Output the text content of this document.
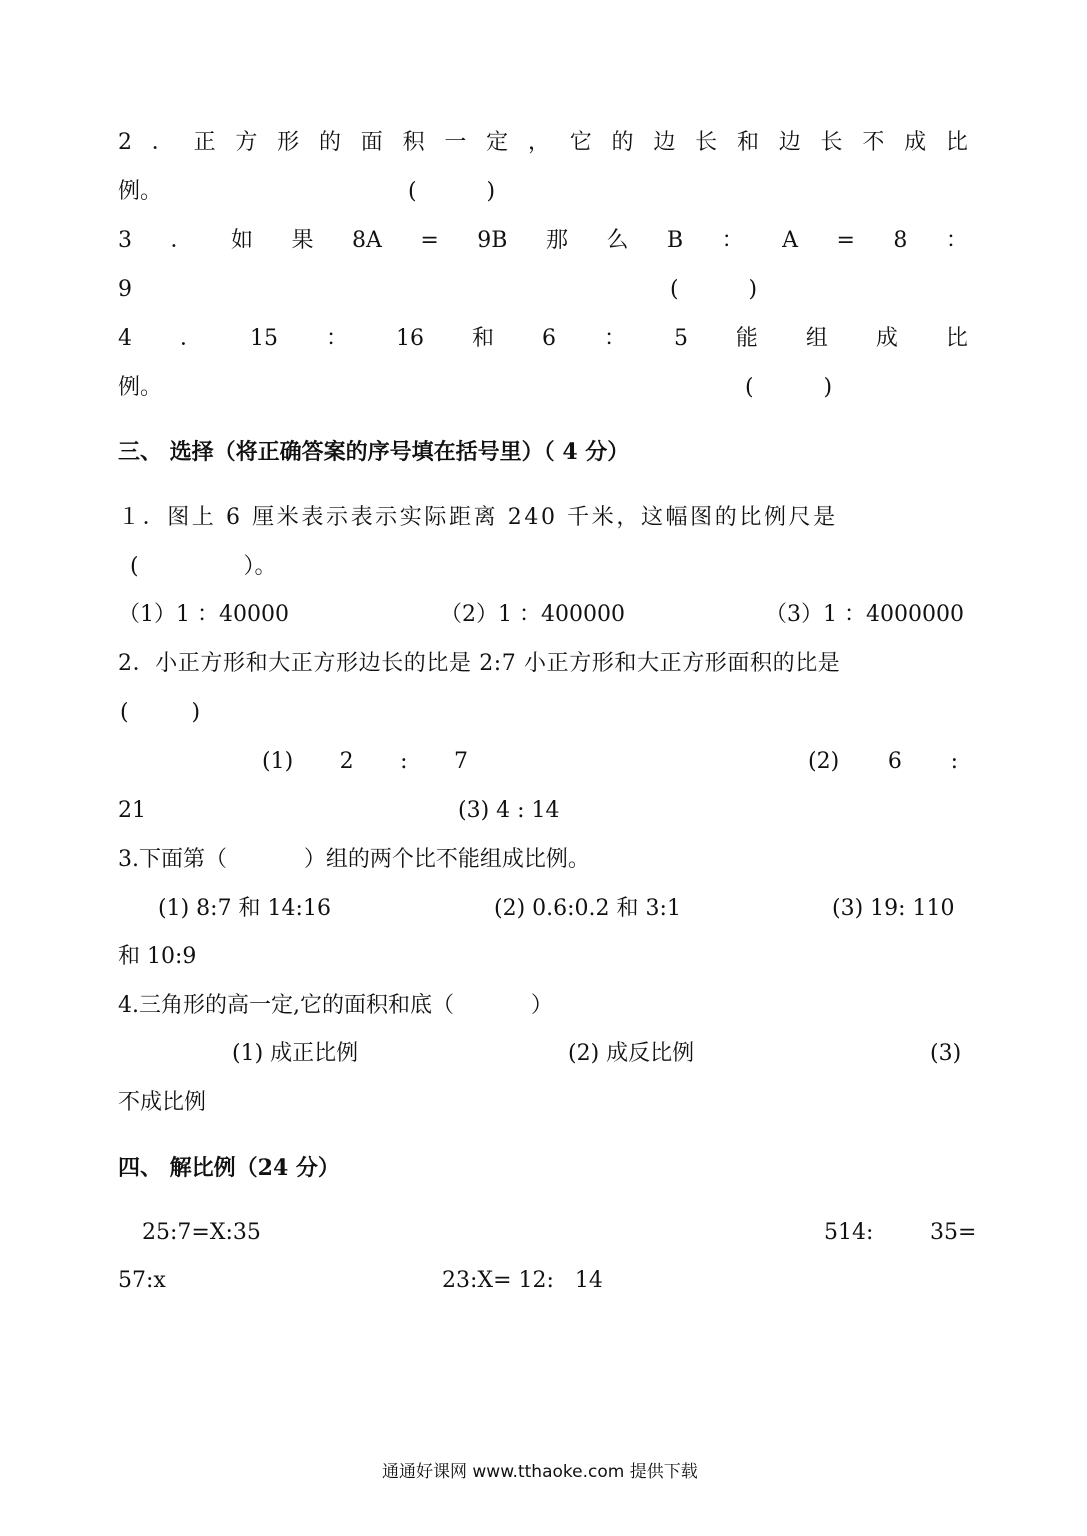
2 ． 正 方 形 的 面 积 一 定 ， 它 的 边 长 和 边 长 不 成 比
例。	(          )
3 ． 如 果 8A = 9B 那 么 B ： A = 8 ：
9	(          )
4 ． 15 ： 16 和 6 ： 5 能 组 成 比
例。	(          )
三、 选择（将正确答案的序号填在括号里）（ 4 分）
１．图上 6 厘米表示表示实际距离 240 千米，这幅图的比例尺是
(               ）。
（1）1 ：40000	（2）1 ：400000	（3）1 ：4000000
2．小正方形和大正方形边长的比是 2:7 小正方形和大正方形面积的比是
(         )
(1) 2 : 7	(2) 6 :
21	(3) 4 : 14
3.下面第（           ）组的两个比不能组成比例。
(1) 8:7 和 14:16	(2) 0.6:0.2 和 3:1	(3) 19: 110
和 10:9
4.三角形的高一定,它的面积和底（           ）
(1) 成正比例	(2) 成反比例	(3)
不成比例
四、 解比例（24 分）
25:7=X:35	514:	35=
57:x	23:X= 12:   14
通通好课网 www.tthaoke.com 提供下载
